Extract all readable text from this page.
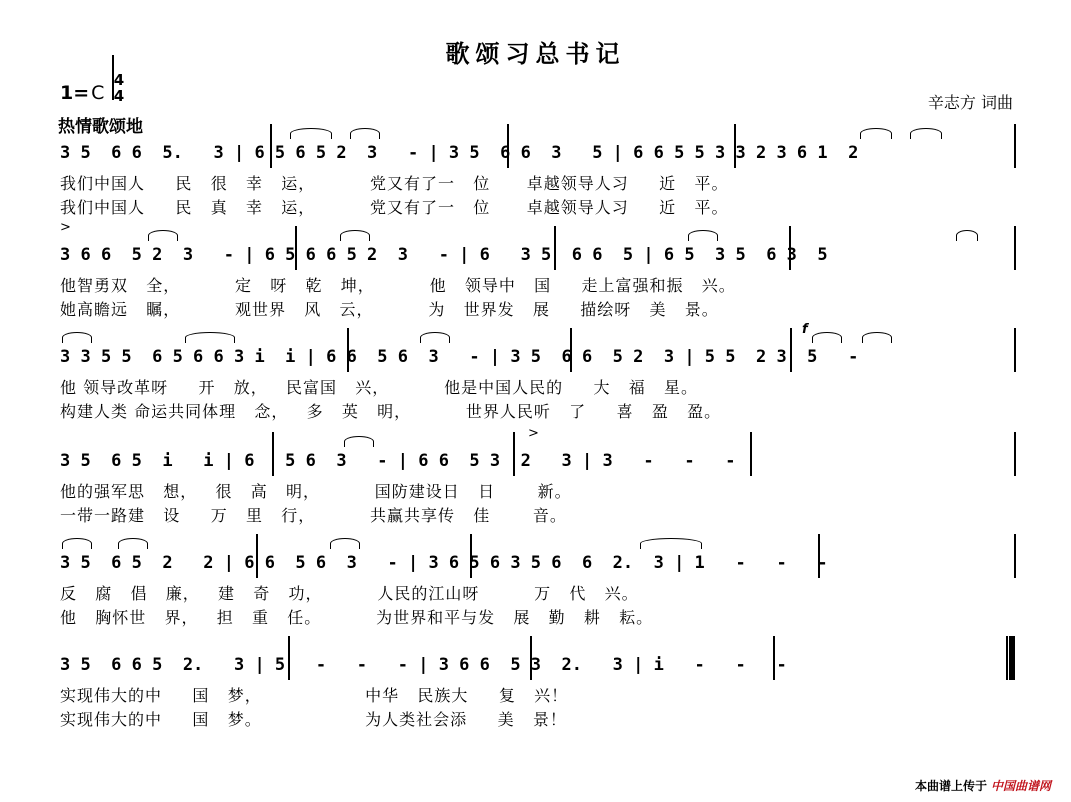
歌颂习总书记
1= C
4
4	辛志方 词曲
热情歌颂地
3 5  6 6  5.   3 | 6 5 6 5 2  3   - | 3 5  6 6  3   5 | 6 6 5 5 3 3 2 3 6 1  2
我们中国人     民   很   幸   运，         党又有了一   位      卓越领导人习     近   平。
我们中国人     民   真   幸   运，         党又有了一   位      卓越领导人习     近   平。
>
3 6 6  5 2  3   - | 6 5 6 6 5 2  3   - | 6   3 5  6 6  5 | 6 5  3 5  6 3  5
他智勇双   全，         定   呀   乾   坤，         他   领导中   国     走上富强和振   兴。
她高瞻远   瞩，         观世界   风   云，         为   世界发   展     描绘呀   美   景。
f
3 3 5 5  6 5 6 6 3 i  i | 6 6  5 6  3   - | 3 5  6 6  5 2  3 | 5 5  2 3  5   -
他 领导改革呀     开   放，   民富国   兴，         他是中国人民的     大   福   星。
构建人类 命运共同体理   念，   多   英   明，         世界人民听   了     喜   盈   盈。
>
3 5  6 5  i   i | 6   5 6  3   - | 6 6  5 3  2   3 | 3   -   -   -
他的强军思   想，   很   高   明，         国防建设日   日       新。
一带一路建   设     万   里   行，         共赢共享传   佳       音。
3 5  6 5  2   2 | 6 6  5 6  3   - | 3 6 5 6 3 5 6  6  2.  3 | 1   -   -   -
反   腐   倡   廉，   建   奇   功，         人民的江山呀         万   代   兴。
他   胸怀世   界，   担   重   任。         为世界和平与发   展   勤   耕   耘。
3 5  6 6 5  2.   3 | 5   -   -   - | 3 6 6  5 3  2.   3 | i   -   -   -
实现伟大的中     国   梦，                 中华   民族大     复   兴！
实现伟大的中     国   梦。                 为人类社会添     美   景！
本曲谱上传于 中国曲谱网
